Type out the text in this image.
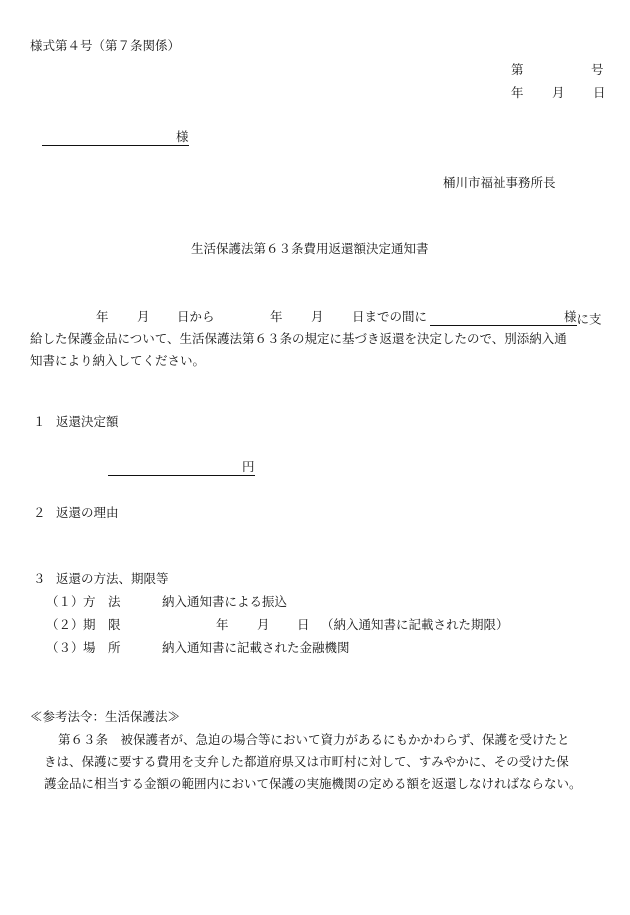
様式第４号（第７条関係）
第	号
年 月 日
様
桶川市福祉事務所長
生活保護法第６３条費用返還額決定通知書
年 月 日から	年 月 日までの間に	様に支
給した保護金品について、生活保護法第６３条の規定に基づき返還を決定したので、別添納入通
知書により納入してください。
１ 返還決定額
円
２ 返還の理由
３ 返還の方法、期限等
（１） 方　法	納入通知書による振込
（２） 期　限	年 月 日 （納入通知書に記載された期限）
（３） 場　所	納入通知書に記載された金融機関
≪参考法令：生活保護法≫
第６３条　被保護者が、急迫の場合等において資力があるにもかかわらず、保護を受けたと
きは、保護に要する費用を支弁した都道府県又は市町村に対して、すみやかに、その受けた保
護金品に相当する金額の範囲内において保護の実施機関の定める額を返還しなければならない。
